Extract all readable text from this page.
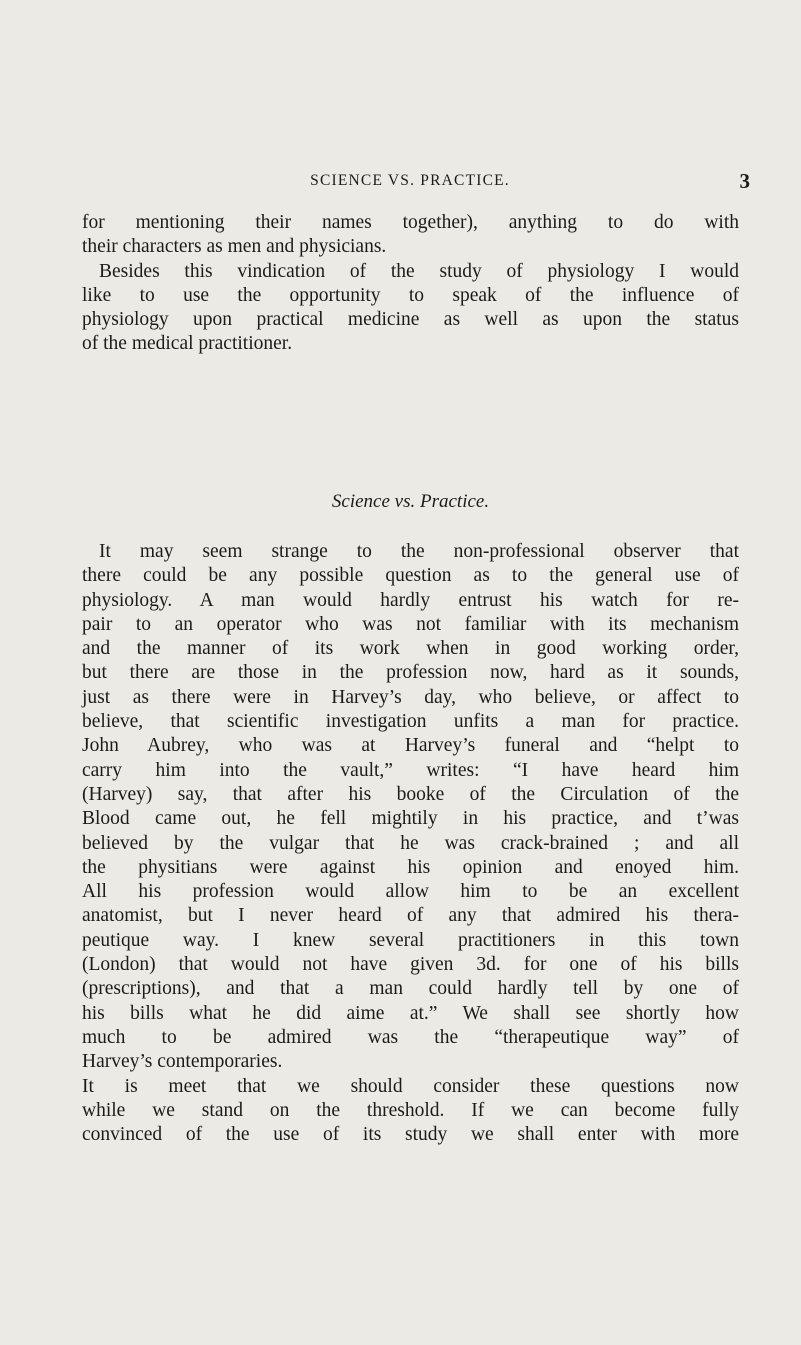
SCIENCE VS. PRACTICE.	3
for mentioning their names together), anything to do with
their characters as men and physicians.
Besides this vindication of the study of physiology I would
like to use the opportunity to speak of the influence of
physiology upon practical medicine as well as upon the status
of the medical practitioner.
Science vs. Practice.
It may seem strange to the non-professional observer that
there could be any possible question as to the general use of
physiology. A man would hardly entrust his watch for re-
pair to an operator who was not familiar with its mechanism
and the manner of its work when in good working order,
but there are those in the profession now, hard as it sounds,
just as there were in Harvey’s day, who believe, or affect to
believe, that scientific investigation unfits a man for practice.
John Aubrey, who was at Harvey’s funeral and “helpt to
carry him into the vault,” writes: “I have heard him
(Harvey) say, that after his booke of the Circulation of the
Blood came out, he fell mightily in his practice, and t’was
believed by the vulgar that he was crack-brained ; and all
the physitians were against his opinion and enoyed him.
All his profession would allow him to be an excellent
anatomist, but I never heard of any that admired his thera-
peutique way. I knew several practitioners in this town
(London) that would not have given 3d. for one of his bills
(prescriptions), and that a man could hardly tell by one of
his bills what he did aime at.” We shall see shortly how
much to be admired was the “therapeutique way” of
Harvey’s contemporaries.
It is meet that we should consider these questions now
while we stand on the threshold. If we can become fully
convinced of the use of its study we shall enter with more
